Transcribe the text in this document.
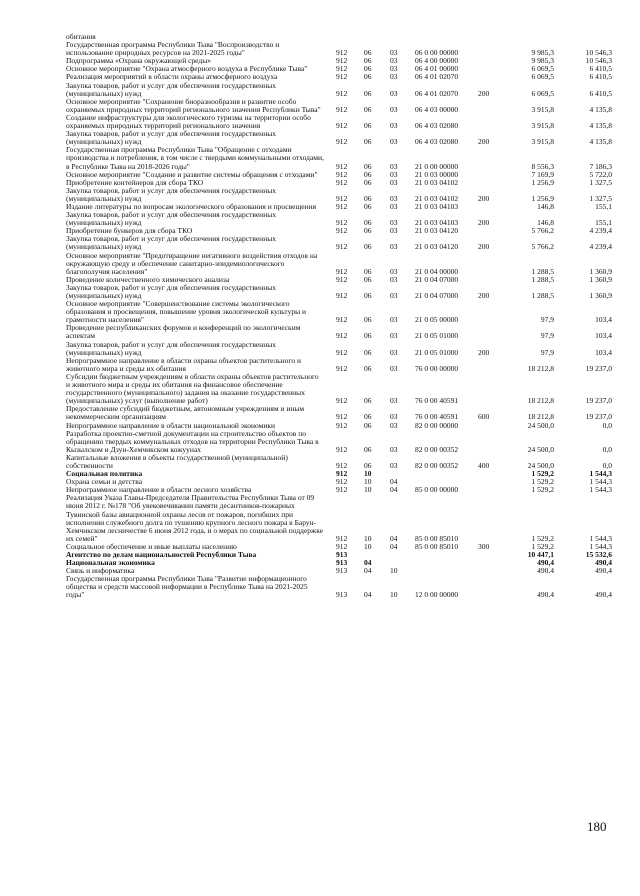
обитания
Государственная программа Республики Тыва "Воспроизводство и использование природных ресурсов на 2021-2025 годы"	912 06 03 06 0 00 00000	9 985,3	10 546,3
Подпрограмма «Охрана окружающей среды»	912 06 03 06 4 00 00000	9 985,3	10 546,3
Основное мероприятие "Охрана атмосферного воздуха в Республике Тыва"	912 06 03 06 4 01 00000	6 069,5	6 410,5
Реализация мероприятий в области охраны атмосферного воздуха	912 06 03 06 4 01 02070	6 069,5	6 410,5
Закупка товаров, работ и услуг для обеспечения государственных (муниципальных) нужд	912 06 03 06 4 01 02070	200	6 069,5	6 410,5
Основное мероприятие "Сохранение биоразнообразия и развитие особо охраняемых природных территорий регионального значения Республики Тыва"	912 06 03 06 4 03 00000	3 915,8	4 135,8
Создание инфраструктуры для экологического туризма на территории особо охраняемых природных территорий регионального значения	912 06 03 06 4 03 02080	3 915,8	4 135,8
Закупка товаров, работ и услуг для обеспечения государственных (муниципальных) нужд	912 06 03 06 4 03 02080	200	3 915,8	4 135,8
Государственная программа Республики Тыва "Обращение с отходами производства и потребления, в том числе с твердыми коммунальными отходами, в Республике Тыва на 2018-2026 годы"	912 06 03 21 0 00 00000	8 556,3	7 186,3
Основное мероприятие "Создание и развитие системы обращения с отходами"	912 06 03 21 0 03 00000	7 169,9	5 722,0
Приобретение контейнеров для сбора ТКО	912 06 03 21 0 03 04102	1 256,9	1 327,5
Закупка товаров, работ и услуг для обеспечения государственных (муниципальных) нужд	912 06 03 21 0 03 04102	200	1 256,9	1 327,5
Издание литературы по вопросам экологического образования и просвещения	912 06 03 21 0 03 04103	146,8	155,1
Закупка товаров, работ и услуг для обеспечения государственных (муниципальных) нужд	912 06 03 21 0 03 04103	200	146,8	155,1
Приобретение бункеров для сбора ТКО	912 06 03 21 0 03 04120	5 766,2	4 239,4
Закупка товаров, работ и услуг для обеспечения государственных (муниципальных) нужд	912 06 03 21 0 03 04120	200	5 766,2	4 239,4
Основное мероприятие "Предотвращение негативного воздействия отходов на окружающую среду и обеспечение санитарно-эпидемиологического благополучия населения"	912 06 03 21 0 04 00000	1 288,5	1 360,9
Проведение количественного химического анализа	912 06 03 21 0 04 07000	1 288,5	1 360,9
Закупка товаров, работ и услуг для обеспечения государственных (муниципальных) нужд	912 06 03 21 0 04 07000	200	1 288,5	1 360,9
Основное мероприятие "Совершенствование системы экологического образования и просвещения, повышение уровня экологической культуры и грамотности населения"	912 06 03 21 0 05 00000	97,9	103,4
Проведение республиканских форумов и конференций по экологическим аспектам	912 06 03 21 0 05 01000	97,9	103,4
Закупка товаров, работ и услуг для обеспечения государственных (муниципальных) нужд	912 06 03 21 0 05 01000	200	97,9	103,4
Непрограммное направление в области охраны объектов растительного и животного мира и среды их обитания	912 06 03 76 0 00 00000	18 212,8	19 237,0
Субсидии бюджетным учреждениям в области охраны объектов растительного и животного мира и среды их обитания на финансовое обеспечение государственного (муниципального) задания на оказание государственных (муниципальных) услуг (выполнение работ)	912 06 03 76 0 00 40591	18 212,8	19 237,0
Предоставление субсидий бюджетным, автономным учреждениям и иным некоммерческим организациям	912 06 03 76 0 00 40591	600	18 212,8	19 237,0
Непрограммное направление в области национальной экономики	912 06 03 82 0 00 00000	24 500,0	0,0
Разработка проектно-сметной документации на строительство объектов по обращению твердых коммунальных отходов на территории Республики Тыва в Кызылском и Дзун-Хемчикском кожуунах	912 06 03 82 0 00 00352	24 500,0	0,0
Капитальные вложения в объекты государственной (муниципальной) собственности	912 06 03 82 0 00 00352	400	24 500,0	0,0
Социальная политика	912 10	1 529,2	1 544,3
Охрана семьи и детства	912 10 04	1 529,2	1 544,3
Непрограммное направление в области лесного хозяйства	912 10 04 85 0 00 00000	1 529,2	1 544,3
Реализация Указа Главы-Председателя Правительства Республики Тыва от 09 июня 2012 г. №178 "Об увековечивании памяти десантников-пожарных Тувинской базы авиационной охраны лесов от пожаров, погибших при исполнении служебного долга по тушению крупного лесного пожара в Барун-Хемчикском лесничестве 6 июня 2012 года, и о мерах по социальной поддержке их семей"	912 10 04 85 0 00 85010	1 529,2	1 544,3
Социальное обеспечение и иные выплаты населению	912 10 04 85 0 00 85010	300	1 529,2	1 544,3
Агентство по делам национальностей Республики Тыва	913	10 447,1	15 532,6
Национальная экономика	913 04	490,4	490,4
Связь и информатика	913 04 10	490,4	490,4
Государственная программа Республики Тыва "Развитие информационного общества и средств массовой информации в Республике Тыва на 2021-2025 годы"	913 04 10 12 0 00 00000	490,4	490,4
180
